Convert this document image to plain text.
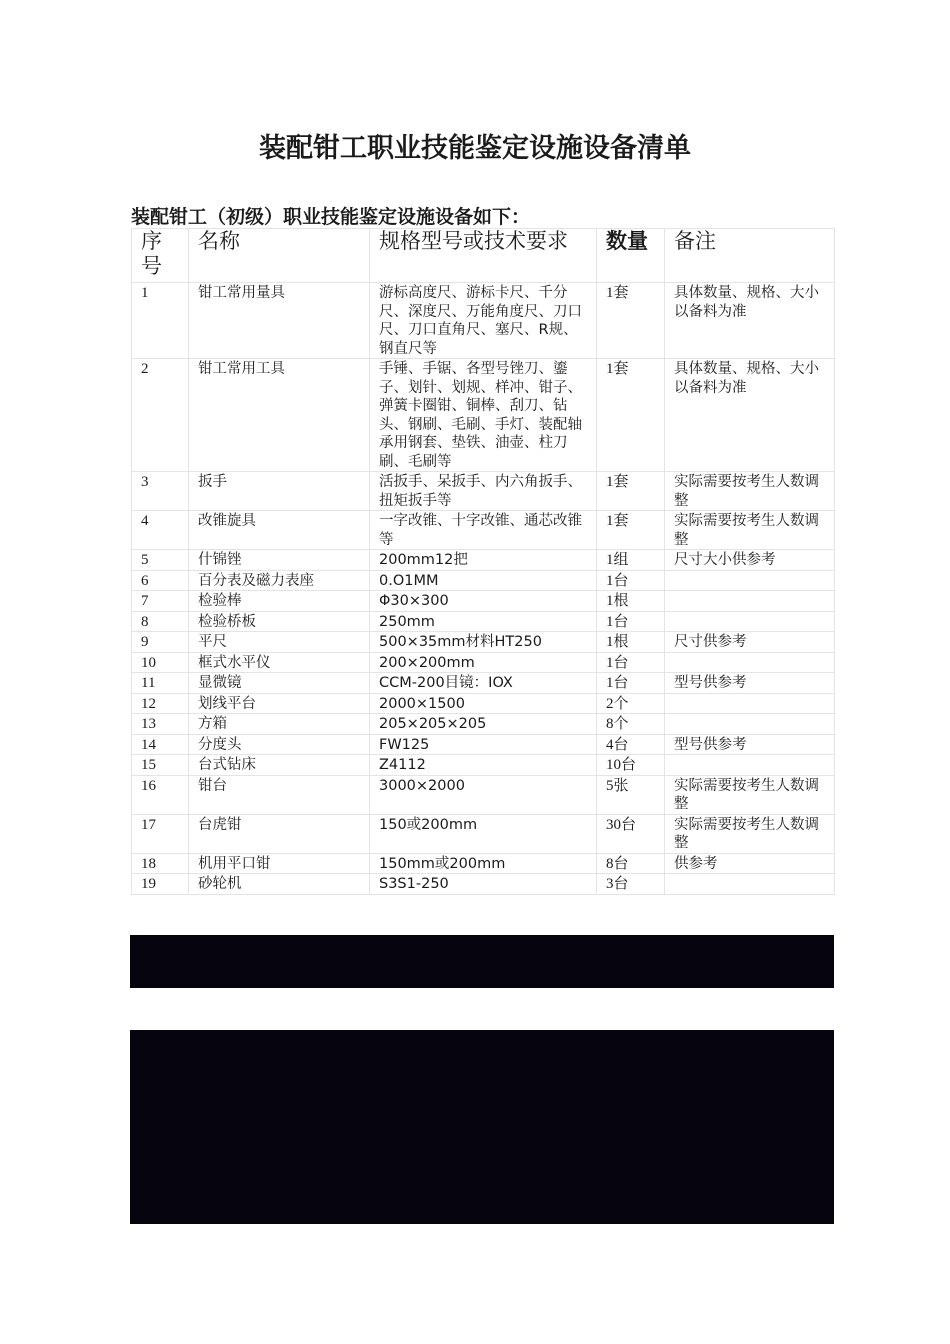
装配钳工职业技能鉴定设施设备清单
装配钳工（初级）职业技能鉴定设施设备如下：
序号	名称	规格型号或技术要求	数量	备注
1	钳工常用量具	游标高度尺、游标卡尺、千分尺、深度尺、万能角度尺、刀口尺、刀口直角尺、塞尺、R规、钢直尺等	1套	具体数量、规格、大小以备料为准
2	钳工常用工具	手锤、手锯、各型号锉刀、鎏子、划针、划规、样冲、钳子、弹簧卡圈钳、铜棒、刮刀、钻头、钢刷、毛刷、手灯、装配轴承用钢套、垫铁、油壶、柱刀刷、毛刷等	1套	具体数量、规格、大小以备料为准
3	扳手	活扳手、呆扳手、内六角扳手、扭矩扳手等	1套	实际需要按考生人数调整
4	改锥旋具	一字改锥、十字改锥、通芯改锥等	1套	实际需要按考生人数调整
5	什锦锉	200mm12把	1组	尺寸大小供参考
6	百分表及磁力表座	0.O1MM	1台	
7	检验棒	Φ30×300	1根	
8	检验桥板	250mm	1台	
9	平尺	500×35mm材料HT250	1根	尺寸供参考
10	框式水平仪	200×200mm	1台	
11	显微镜	CCM-200目镜：IOX	1台	型号供参考
12	划线平台	2000×1500	2个	
13	方箱	205×205×205	8个	
14	分度头	FW125	4台	型号供参考
15	台式钻床	Z4112	10台	
16	钳台	3000×2000	5张	实际需要按考生人数调整
17	台虎钳	150或200mm	30台	实际需要按考生人数调整
18	机用平口钳	150mm或200mm	8台	供参考
19	砂轮机	S3S1-250	3台	
